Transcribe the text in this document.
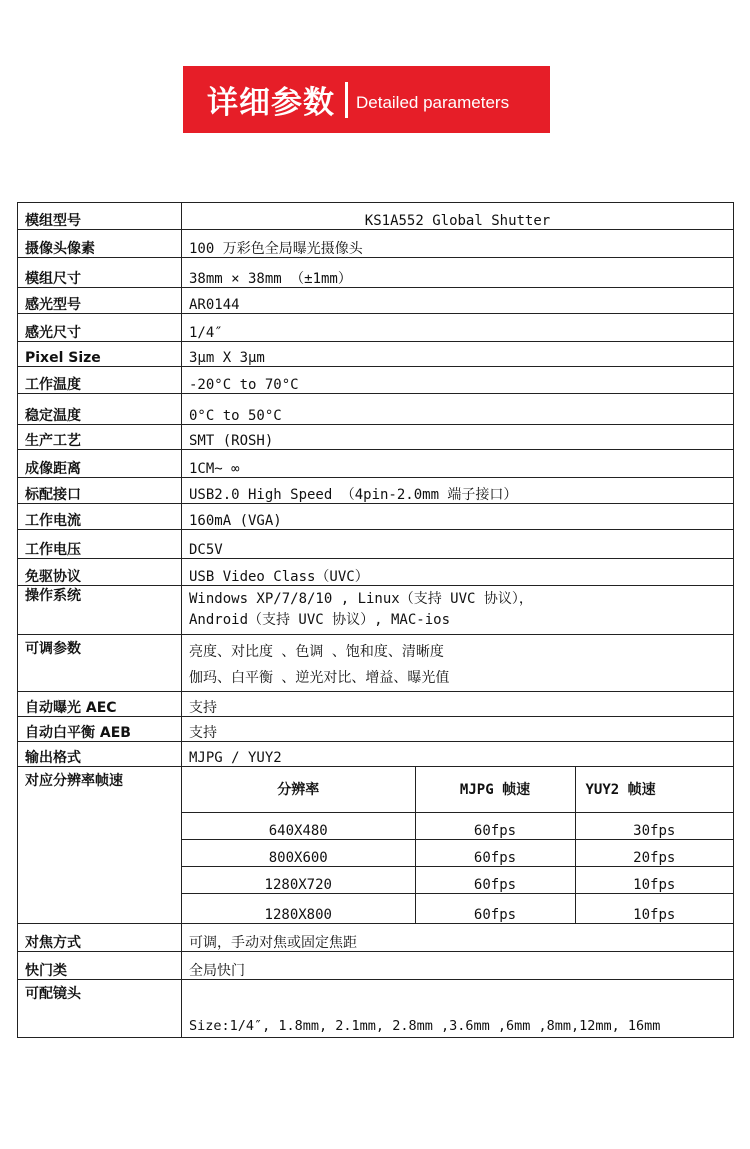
详细参数 Detailed parameters
模组型号	KS1A552 Global Shutter
摄像头像素	100 万彩色全局曝光摄像头
模组尺寸	38mm × 38mm （±1mm）
感光型号	AR0144
感光尺寸	1/4″
Pixel Size	3μm X 3μm
工作温度	-20°C to 70°C
稳定温度	0°C to 50°C
生产工艺	SMT (ROSH)
成像距离	1CM~ ∞
标配接口	USB2.0 High Speed （4pin-2.0mm 端子接口）
工作电流	160mA (VGA)
工作电压	DC5V
免驱协议	USB Video Class（UVC）
操作系统	Windows XP/7/8/10 , Linux（支持 UVC 协议），
Android（支持 UVC 协议）, MAC-ios

可调参数	亮度、对比度 、色调 、饱和度、清晰度
伽玛、白平衡 、逆光对比、增益、曝光值

自动曝光 AEC	支持
自动白平衡 AEB	支持
输出格式	MJPG / YUY2
对应分辨率帧速	
分辨率	MJPG 帧速	YUY2 帧速
640X480	60fps	30fps
800X600	60fps	20fps
1280X720	60fps	10fps
1280X800	60fps	10fps

对焦方式	可调，手动对焦或固定焦距
快门类	全局快门
可配镜头	Size:1/4″, 1.8mm, 2.1mm, 2.8mm ,3.6mm ,6mm ,8mm,12mm, 16mm
